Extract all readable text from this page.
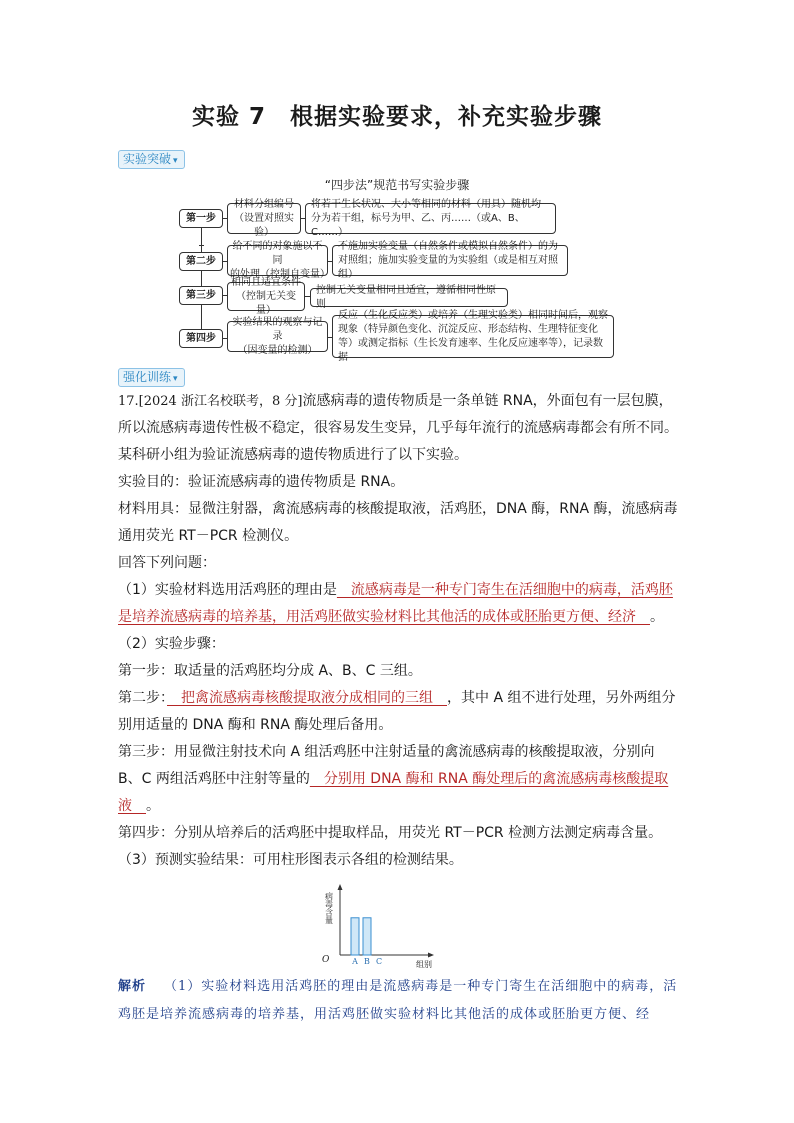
实验 7　根据实验要求，补充实验步骤
实验突破 ▾
“四步法”规范书写实验步骤
第一步
材料分组编号
（设置对照实验）
将若干生长状况、大小等相同的材料（用具）随机均分为若干组，标号为甲、乙、丙……（或A、B、C……）
第二步
给不同的对象施以不同
的处理（控制自变量）
不施加实验变量（自然条件或模拟自然条件）的为对照组；施加实验变量的为实验组（或是相互对照组）
第三步
相同且适宜条件
（控制无关变量）
控制无关变量相同且适宜，遵循相同性原则
第四步
实验结果的观察与记录
（因变量的检测）
反应（生化反应类）或培养（生理实验类）相同时间后，观察现象（特异颜色变化、沉淀反应、形态结构、生理特征变化等）或测定指标（生长发育速率、生化反应速率等），记录数据
强化训练 ▾

17.[2024 浙江名校联考，8 分]流感病毒的遗传物质是一条单链 RNA，外面包有一层包膜，所以流感病毒遗传性极不稳定，很容易发生变异，几乎每年流行的流感病毒都会有所不同。某科研小组为验证流感病毒的遗传物质进行了以下实验。

实验目的：验证流感病毒的遗传物质是 RNA。

材料用具：显微注射器，禽流感病毒的核酸提取液，活鸡胚，DNA 酶，RNA 酶，流感病毒通用荧光 RT－PCR 检测仪。

回答下列问题：

（1）实验材料选用活鸡胚的理由是　流感病毒是一种专门寄生在活细胞中的病毒，活鸡胚是培养流感病毒的培养基，用活鸡胚做实验材料比其他活的成体或胚胎更方便、经济　。

（2）实验步骤：

第一步：取适量的活鸡胚均分成 A、B、C 三组。

第二步：　把禽流感病毒核酸提取液分成相同的三组　，其中 A 组不进行处理，另外两组分别用适量的 DNA 酶和 RNA 酶处理后备用。

第三步：用显微注射技术向 A 组活鸡胚中注射适量的禽流感病毒的核酸提取液，分别向 B、C 两组活鸡胚中注射等量的　分别用 DNA 酶和 RNA 酶处理后的禽流感病毒核酸提取液　。

第四步：分别从培养后的活鸡胚中提取样品，用荧光 RT－PCR 检测方法测定病毒含量。

（3）预测实验结果：可用柱形图表示各组的检测结果。

O
病毒含量
组别
A B C
解析 （1）实验材料选用活鸡胚的理由是流感病毒是一种专门寄生在活细胞中的病毒，活鸡胚是培养流感病毒的培养基，用活鸡胚做实验材料比其他活的成体或胚胎更方便、经
